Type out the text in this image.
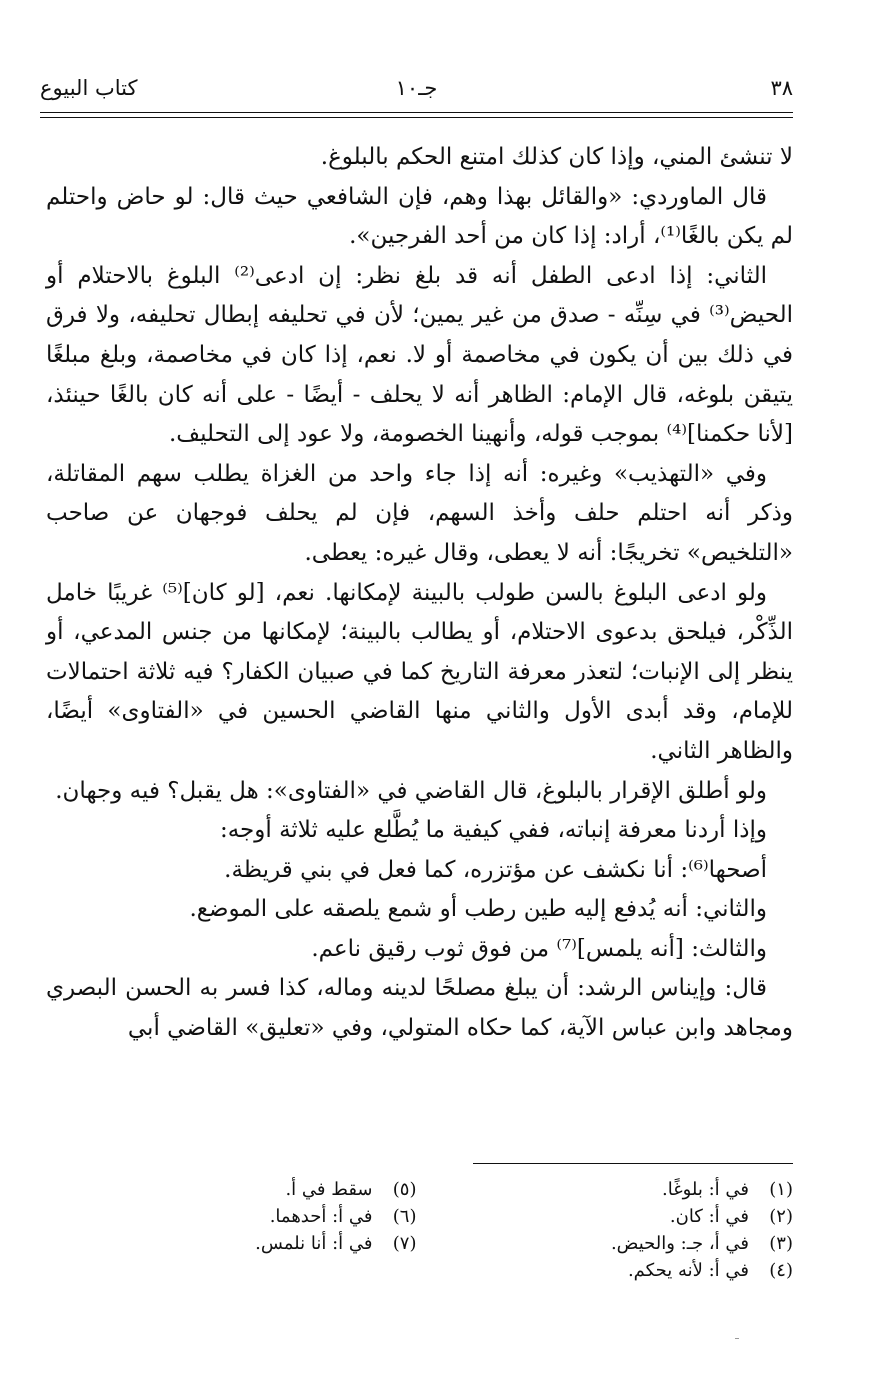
٣٨
جـ١٠
كتاب البيوع

لا تنشئ المني، وإذا كان كذلك امتنع الحكم بالبلوغ.

قال الماوردي: «والقائل بهذا وهم، فإن الشافعي حيث قال: لو حاض واحتلم لم يكن بالغًا⁽¹⁾، أراد: إذا كان من أحد الفرجين».

الثاني: إذا ادعى الطفل أنه قد بلغ نظر: إن ادعى⁽²⁾ البلوغ بالاحتلام أو الحيض⁽³⁾ في سِنِّه - صدق من غير يمين؛ لأن في تحليفه إبطال تحليفه، ولا فرق في ذلك بين أن يكون في مخاصمة أو لا. نعم، إذا كان في مخاصمة، وبلغ مبلغًا يتيقن بلوغه، قال الإمام: الظاهر أنه لا يحلف - أيضًا - على أنه كان بالغًا حينئذ، [لأنا حكمنا]⁽⁴⁾ بموجب قوله، وأنهينا الخصومة، ولا عود إلى التحليف.

وفي «التهذيب» وغيره: أنه إذا جاء واحد من الغزاة يطلب سهم المقاتلة، وذكر أنه احتلم حلف وأخذ السهم، فإن لم يحلف فوجهان عن صاحب «التلخيص» تخريجًا: أنه لا يعطى، وقال غيره: يعطى.

ولو ادعى البلوغ بالسن طولب بالبينة لإمكانها. نعم، [لو كان]⁽⁵⁾ غريبًا خامل الذِّكْر، فيلحق بدعوى الاحتلام، أو يطالب بالبينة؛ لإمكانها من جنس المدعي، أو ينظر إلى الإنبات؛ لتعذر معرفة التاريخ كما في صبيان الكفار؟ فيه ثلاثة احتمالات للإمام، وقد أبدى الأول والثاني منها القاضي الحسين في «الفتاوى» أيضًا، والظاهر الثاني.

ولو أطلق الإقرار بالبلوغ، قال القاضي في «الفتاوى»: هل يقبل؟ فيه وجهان.

وإذا أردنا معرفة إنباته، ففي كيفية ما يُطَّلع عليه ثلاثة أوجه:

أصحها⁽⁶⁾: أنا نكشف عن مؤتزره، كما فعل في بني قريظة.

والثاني: أنه يُدفع إليه طين رطب أو شمع يلصقه على الموضع.

والثالث: [أنه يلمس]⁽⁷⁾ من فوق ثوب رقيق ناعم.

قال: وإيناس الرشد: أن يبلغ مصلحًا لدينه وماله، كذا فسر به الحسن البصري ومجاهد وابن عباس الآية، كما حكاه المتولي، وفي «تعليق» القاضي أبي

(١)
في أ: بلوغًا.
(٢)
في أ: كان.
(٣)
في أ، جـ: والحيض.
(٤)
في أ: لأنه يحكم.
(٥)
سقط في أ.
(٦)
في أ: أحدهما.
(٧)
في أ: أنا نلمس.
